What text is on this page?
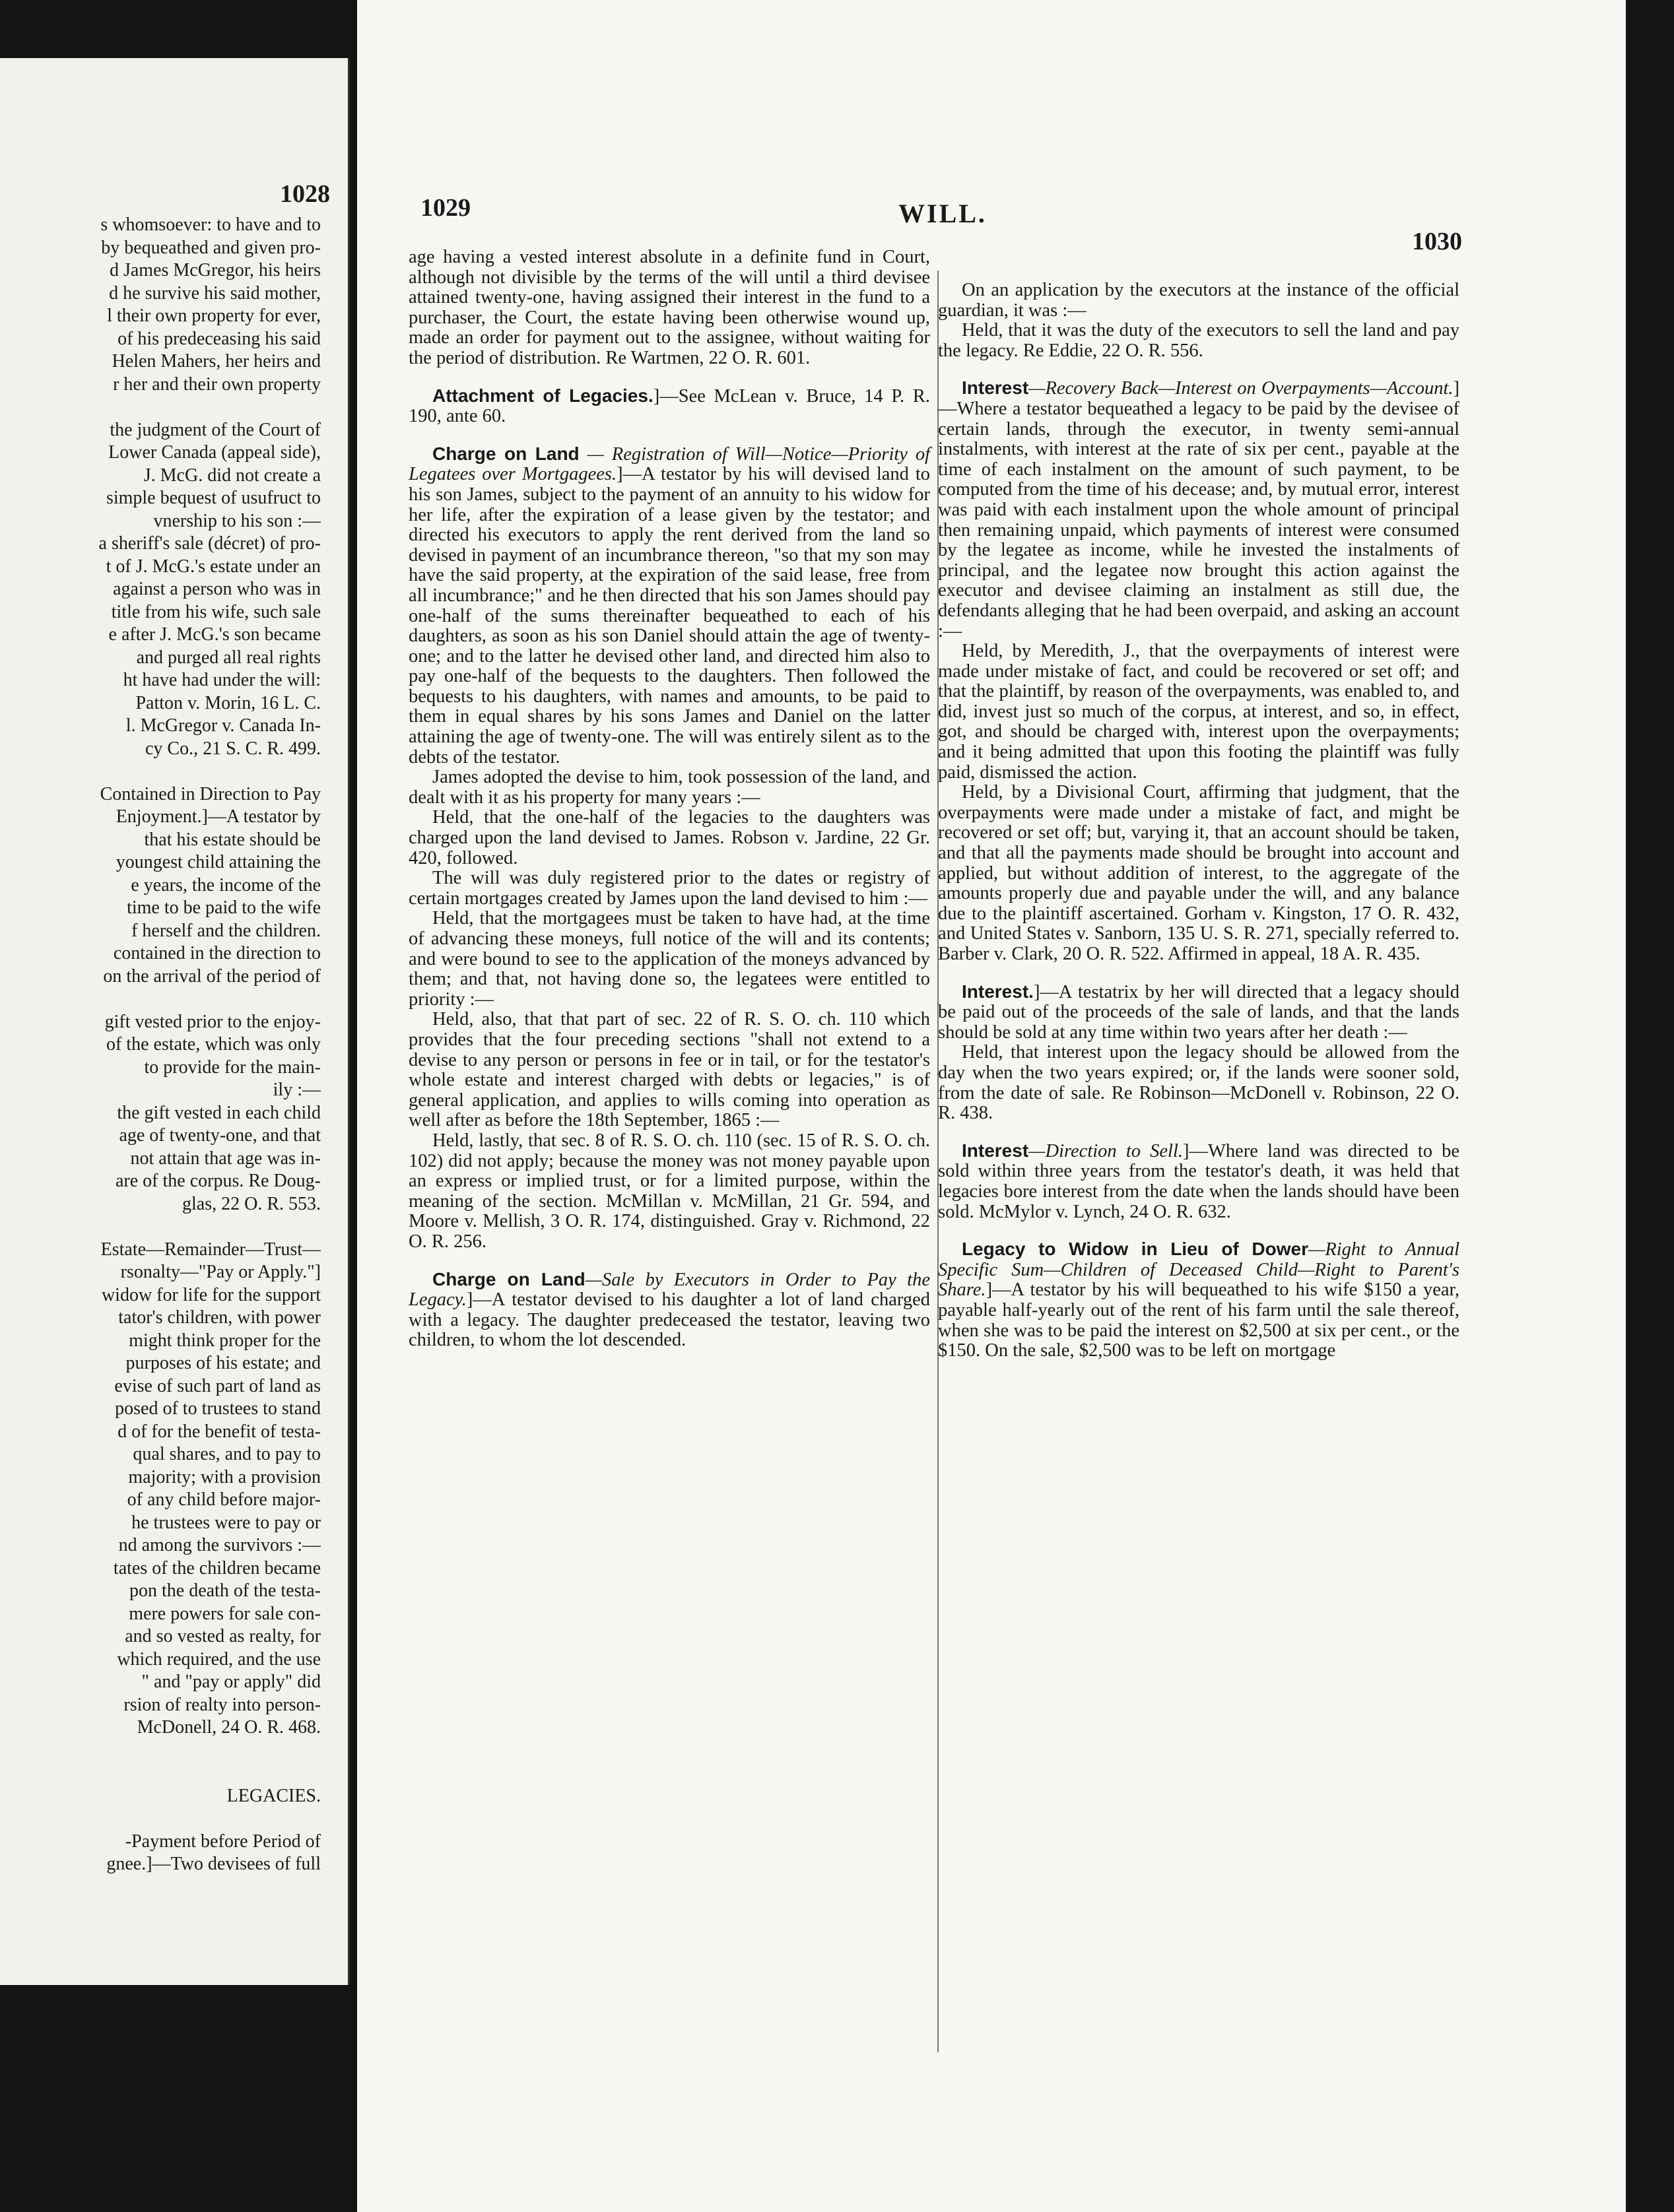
1028

s whomsoever: to have and to

by bequeathed and given pro-

d James McGregor, his heirs

d he survive his said mother,

l their own property for ever,

of his predeceasing his said

Helen Mahers, her heirs and

r her and their own property

the judgment of the Court of

Lower Canada (appeal side),

J. McG. did not create a

simple bequest of usufruct to

vnership to his son :—

a sheriff's sale (décret) of pro-

t of J. McG.'s estate under an

against a person who was in

title from his wife, such sale

e after J. McG.'s son became

and purged all real rights

ht have had under the will:

Patton v. Morin, 16 L. C.

l. McGregor v. Canada In-

cy Co., 21 S. C. R. 499.

Contained in Direction to Pay

Enjoyment.]—A testator by

that his estate should be

youngest child attaining the

e years, the income of the

time to be paid to the wife

f herself and the children.

contained in the direction to

on the arrival of the period of

gift vested prior to the enjoy-

of the estate, which was only

to provide for the main-

ily :—

the gift vested in each child

age of twenty-one, and that

not attain that age was in-

are of the corpus. Re Doug-

glas, 22 O. R. 553.

Estate—Remainder—Trust—

rsonalty—"Pay or Apply."]

widow for life for the support

tator's children, with power

might think proper for the

purposes of his estate; and

evise of such part of land as

posed of to trustees to stand

d of for the benefit of testa-

qual shares, and to pay to

majority; with a provision

of any child before major-

he trustees were to pay or

nd among the survivors :—

tates of the children became

pon the death of the testa-

mere powers for sale con-

and so vested as realty, for

which required, and the use

" and "pay or apply" did

rsion of realty into person-

McDonell, 24 O. R. 468.

LEGACIES.

-Payment before Period of

gnee.]—Two devisees of full

1029	WILL.
1030

age having a vested interest absolute in a definite fund in Court, although not divisible by the terms of the will until a third devisee attained twenty-one, having assigned their interest in the fund to a purchaser, the Court, the estate having been otherwise wound up, made an order for payment out to the assignee, without waiting for the period of distribution. Re Wartmen, 22 O. R. 601.

Attachment of Legacies.]—See McLean v. Bruce, 14 P. R. 190, ante 60.

Charge on Land — Registration of Will—Notice—Priority of Legatees over Mortgagees.]—A testator by his will devised land to his son James, subject to the payment of an annuity to his widow for her life, after the expiration of a lease given by the testator; and directed his executors to apply the rent derived from the land so devised in payment of an incumbrance thereon, "so that my son may have the said property, at the expiration of the said lease, free from all incumbrance;" and he then directed that his son James should pay one-half of the sums thereinafter bequeathed to each of his daughters, as soon as his son Daniel should attain the age of twenty-one; and to the latter he devised other land, and directed him also to pay one-half of the bequests to the daughters. Then followed the bequests to his daughters, with names and amounts, to be paid to them in equal shares by his sons James and Daniel on the latter attaining the age of twenty-one. The will was entirely silent as to the debts of the testator.

James adopted the devise to him, took possession of the land, and dealt with it as his property for many years :—

Held, that the one-half of the legacies to the daughters was charged upon the land devised to James. Robson v. Jardine, 22 Gr. 420, followed.

The will was duly registered prior to the dates or registry of certain mortgages created by James upon the land devised to him :—

Held, that the mortgagees must be taken to have had, at the time of advancing these moneys, full notice of the will and its contents; and were bound to see to the application of the moneys advanced by them; and that, not having done so, the legatees were entitled to priority :—

Held, also, that that part of sec. 22 of R. S. O. ch. 110 which provides that the four preceding sections "shall not extend to a devise to any person or persons in fee or in tail, or for the testator's whole estate and interest charged with debts or legacies," is of general application, and applies to wills coming into operation as well after as before the 18th September, 1865 :—

Held, lastly, that sec. 8 of R. S. O. ch. 110 (sec. 15 of R. S. O. ch. 102) did not apply; because the money was not money payable upon an express or implied trust, or for a limited purpose, within the meaning of the section. McMillan v. McMillan, 21 Gr. 594, and Moore v. Mellish, 3 O. R. 174, distinguished. Gray v. Richmond, 22 O. R. 256.

Charge on Land—Sale by Executors in Order to Pay the Legacy.]—A testator devised to his daughter a lot of land charged with a legacy. The daughter predeceased the testator, leaving two children, to whom the lot descended.

On an application by the executors at the instance of the official guardian, it was :—

Held, that it was the duty of the executors to sell the land and pay the legacy. Re Eddie, 22 O. R. 556.

Interest—Recovery Back—Interest on Overpayments—Account.]—Where a testator bequeathed a legacy to be paid by the devisee of certain lands, through the executor, in twenty semi-annual instalments, with interest at the rate of six per cent., payable at the time of each instalment on the amount of such payment, to be computed from the time of his decease; and, by mutual error, interest was paid with each instalment upon the whole amount of principal then remaining unpaid, which payments of interest were consumed by the legatee as income, while he invested the instalments of principal, and the legatee now brought this action against the executor and devisee claiming an instalment as still due, the defendants alleging that he had been overpaid, and asking an account :—

Held, by Meredith, J., that the overpayments of interest were made under mistake of fact, and could be recovered or set off; and that the plaintiff, by reason of the overpayments, was enabled to, and did, invest just so much of the corpus, at interest, and so, in effect, got, and should be charged with, interest upon the overpayments; and it being admitted that upon this footing the plaintiff was fully paid, dismissed the action.

Held, by a Divisional Court, affirming that judgment, that the overpayments were made under a mistake of fact, and might be recovered or set off; but, varying it, that an account should be taken, and that all the payments made should be brought into account and applied, but without addition of interest, to the aggregate of the amounts properly due and payable under the will, and any balance due to the plaintiff ascertained. Gorham v. Kingston, 17 O. R. 432, and United States v. Sanborn, 135 U. S. R. 271, specially referred to. Barber v. Clark, 20 O. R. 522. Affirmed in appeal, 18 A. R. 435.

Interest.]—A testatrix by her will directed that a legacy should be paid out of the proceeds of the sale of lands, and that the lands should be sold at any time within two years after her death :—

Held, that interest upon the legacy should be allowed from the day when the two years expired; or, if the lands were sooner sold, from the date of sale. Re Robinson—McDonell v. Robinson, 22 O. R. 438.

Interest—Direction to Sell.]—Where land was directed to be sold within three years from the testator's death, it was held that legacies bore interest from the date when the lands should have been sold. McMylor v. Lynch, 24 O. R. 632.

Legacy to Widow in Lieu of Dower—Right to Annual Specific Sum—Children of Deceased Child—Right to Parent's Share.]—A testator by his will bequeathed to his wife $150 a year, payable half-yearly out of the rent of his farm until the sale thereof, when she was to be paid the interest on $2,500 at six per cent., or the $150. On the sale, $2,500 was to be left on mortgage
